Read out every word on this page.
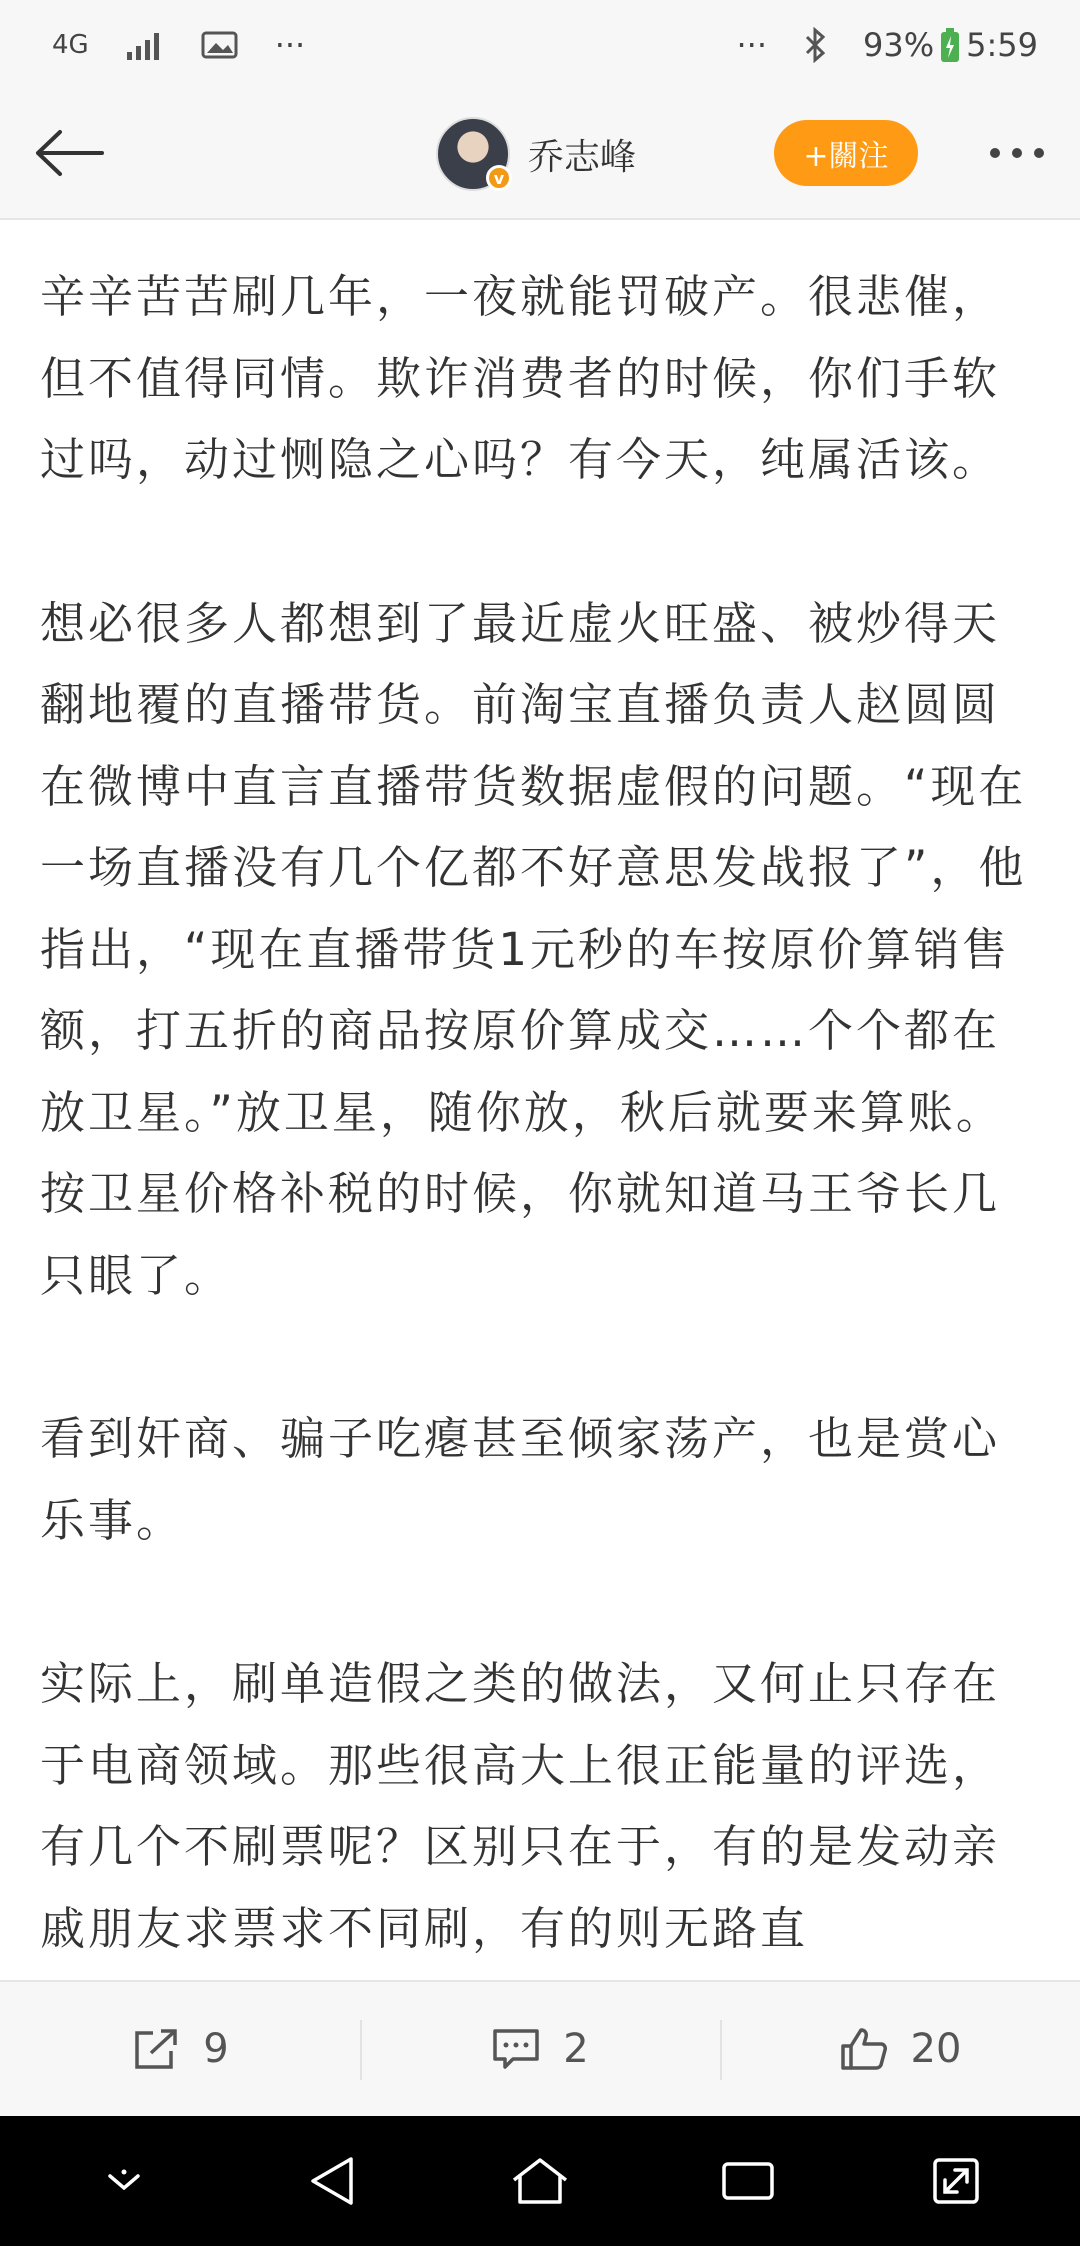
4G	···	···	93% 5:59
v
乔志峰	+關注

辛辛苦苦刷几年，一夜就能罚破产。很悲催，但不值得同情。欺诈消费者的时候，你们手软过吗，动过恻隐之心吗？有今天，纯属活该。

想必很多人都想到了最近虚火旺盛、被炒得天翻地覆的直播带货。前淘宝直播负责人赵圆圆在微博中直言直播带货数据虚假的问题。“现在一场直播没有几个亿都不好意思发战报了”，他指出，“现在直播带货1元秒的车按原价算销售额，打五折的商品按原价算成交……个个都在放卫星。”放卫星，随你放，秋后就要来算账。按卫星价格补税的时候，你就知道马王爷长几只眼了。

看到奸商、骗子吃瘪甚至倾家荡产，也是赏心乐事。

实际上，刷单造假之类的做法，又何止只存在于电商领域。那些很高大上很正能量的评选，有几个不刷票呢？区别只在于，有的是发动亲戚朋友求票求不同刷，有的则无路直

9	2	20
